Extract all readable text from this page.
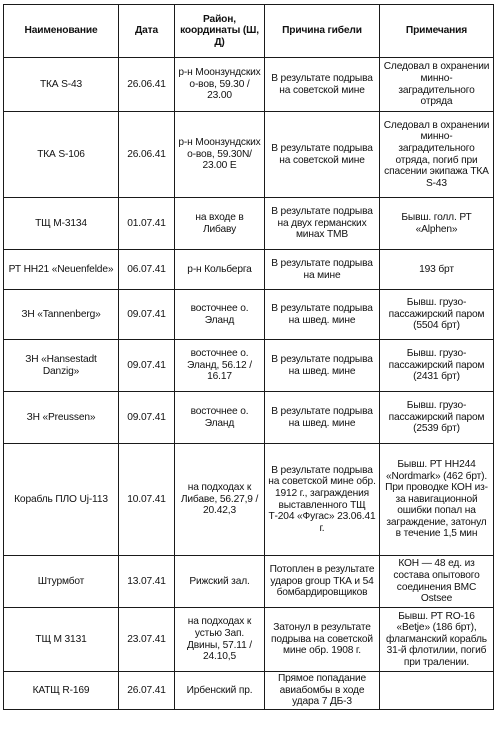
Наименование	Дата	Район, координаты (Ш, Д)	Причина гибели	Примечания
ТКА S-43	26.06.41	р-н Моонзундских о-вов, 59.30 / 23.00	В результате подрыва на советской мине	Следовал в охранении минно-заградительного отряда
ТКА S-106	26.06.41	р-н Моонзундских о-вов, 59.30N/ 23.00 E	В результате подрыва на советской мине	Следовал в охранении минно-заградительного отряда, погиб при спасении экипажа ТКА S-43
ТЩ М-3134	01.07.41	на входе в Либаву	В результате подрыва на двух германских минах TMB	Бывш. голл. РТ «Alphen»
РТ НН21 «Neuenfelde»	06.07.41	р-н Кольберга	В результате подрыва на мине	193 брт
ЗН «Tannenberg»	09.07.41	восточнее о. Эланд	В результате подрыва на швед. мине	Бывш. грузо-пассажирский паром (5504 брт)
ЗН «Hansestadt Danzig»	09.07.41	восточнее о. Эланд, 56.12 / 16.17	В результате подрыва на швед. мине	Бывш. грузо-пассажирский паром (2431 брт)
ЗН «Preussen»	09.07.41	восточнее о. Эланд	В результате подрыва на швед. мине	Бывш. грузо-пассажирский паром (2539 брт)
Корабль ПЛО Uj-113	10.07.41	на подходах к Либаве, 56.27,9 / 20.42,3	В результате подрыва на советской мине обр. 1912 г., заграждения выставленного ТЩ Т-204 «Фугас» 23.06.41 г.	Бывш. РТ НН244 «Nordmark» (462 брт). При проводке КОН из-за навигационной ошибки попал на заграждение, затонул в течение 1,5 мин
Штурмбот	13.07.41	Рижский зал.	Потоплен в результате ударов group ТКА и 54 бомбардировщиков	КОН — 48 ед. из состава опытового соединения ВМС Ostsee
ТЩ М 3131	23.07.41	на подходах к устью Зап. Двины, 57.11 / 24.10,5	Затонул в результате подрыва на советской мине обр. 1908 г.	Бывш. РТ RO-16 «Betje» (186 брт), флагманский корабль 31-й флотилии, погиб при тралении.
КАТЩ R-169	26.07.41	Ирбенский пр.	Прямое попадание авиабомбы в ходе удара 7 ДБ-3	
